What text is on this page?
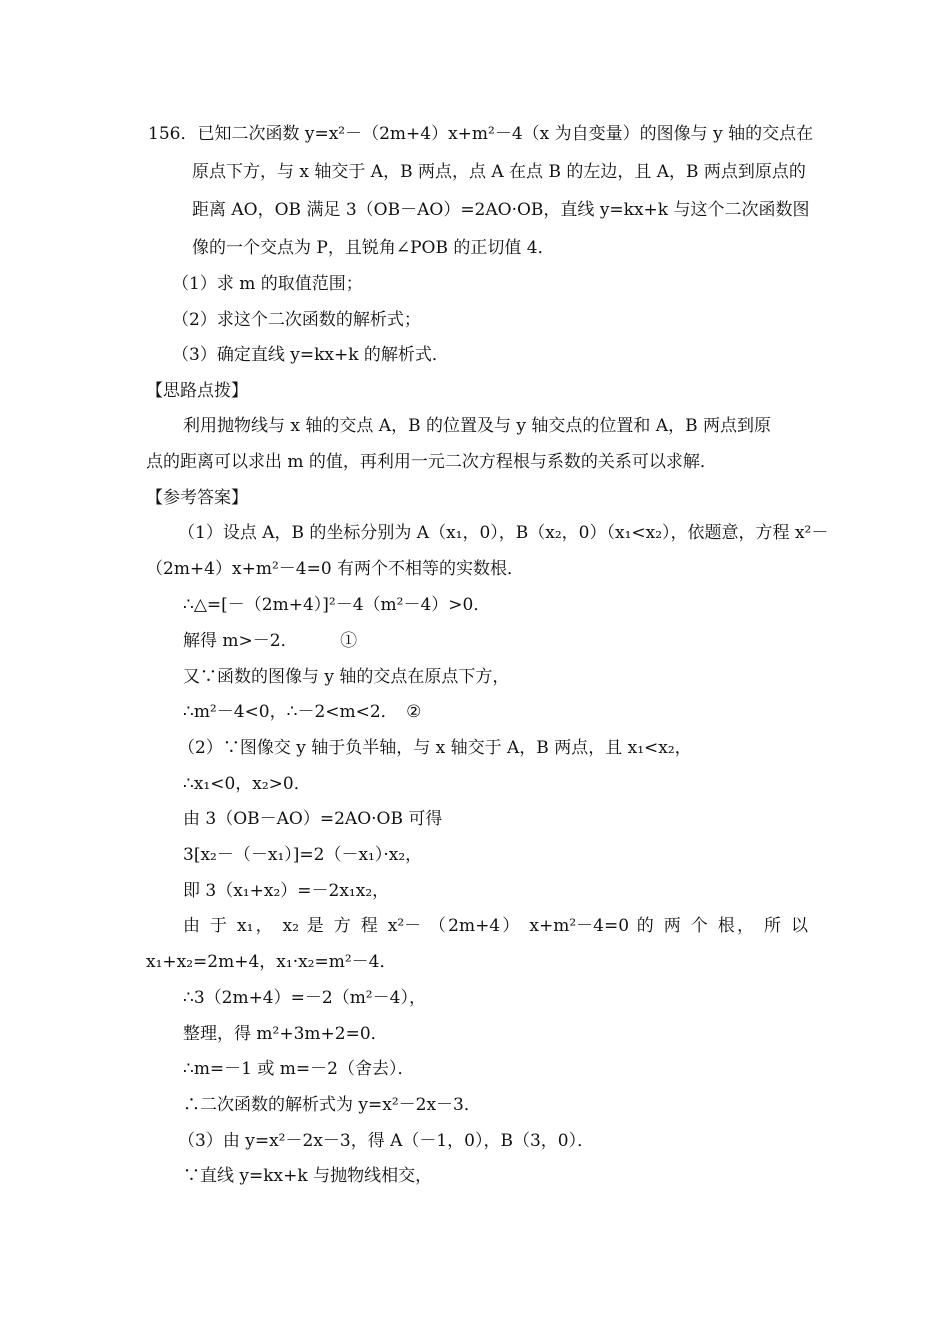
156．已知二次函数 y=x²－（2m+4）x+m²－4（x 为自变量）的图像与 y 轴的交点在

原点下方，与 x 轴交于 A，B 两点，点 A 在点 B 的左边，且 A，B 两点到原点的

距离 AO，OB 满足 3（OB－AO）=2AO·OB，直线 y=kx+k 与这个二次函数图

像的一个交点为 P，且锐角∠POB 的正切值 4．

（1）求 m 的取值范围；

（2）求这个二次函数的解析式；

（3）确定直线 y=kx+k 的解析式．

【思路点拨】

利用抛物线与 x 轴的交点 A，B 的位置及与 y 轴交点的位置和 A，B 两点到原

点的距离可以求出 m 的值，再利用一元二次方程根与系数的关系可以求解．

【参考答案】

（1）设点 A，B 的坐标分别为 A（x₁，0），B（x₂，0）（x₁<x₂），依题意，方程 x²－

（2m+4）x+m²－4=0 有两个不相等的实数根．

∴△=[－（2m+4）]²－4（m²－4）>0．

解得 m>－2．　　　①

又∵函数的图像与 y 轴的交点在原点下方，

∴m²－4<0，∴－2<m<2．　②

（2）∵图像交 y 轴于负半轴，与 x 轴交于 A，B 两点，且 x₁<x₂，

∴x₁<0，x₂>0．

由 3（OB－AO）=2AO·OB 可得

3[x₂－（－x₁）]=2（－x₁）·x₂，

即 3（x₁+x₂）=－2x₁x₂，

由 于 x₁， x₂ 是 方 程 x²－ （2m+4） x+m²－4=0 的 两 个 根， 所 以

x₁+x₂=2m+4，x₁·x₂=m²－4．

∴3（2m+4）=－2（m²－4），

整理，得 m²+3m+2=0．

∴m=－1 或 m=－2（舍去）．

∴二次函数的解析式为 y=x²－2x－3．

（3）由 y=x²－2x－3，得 A（－1，0），B（3，0）．

∵直线 y=kx+k 与抛物线相交，
